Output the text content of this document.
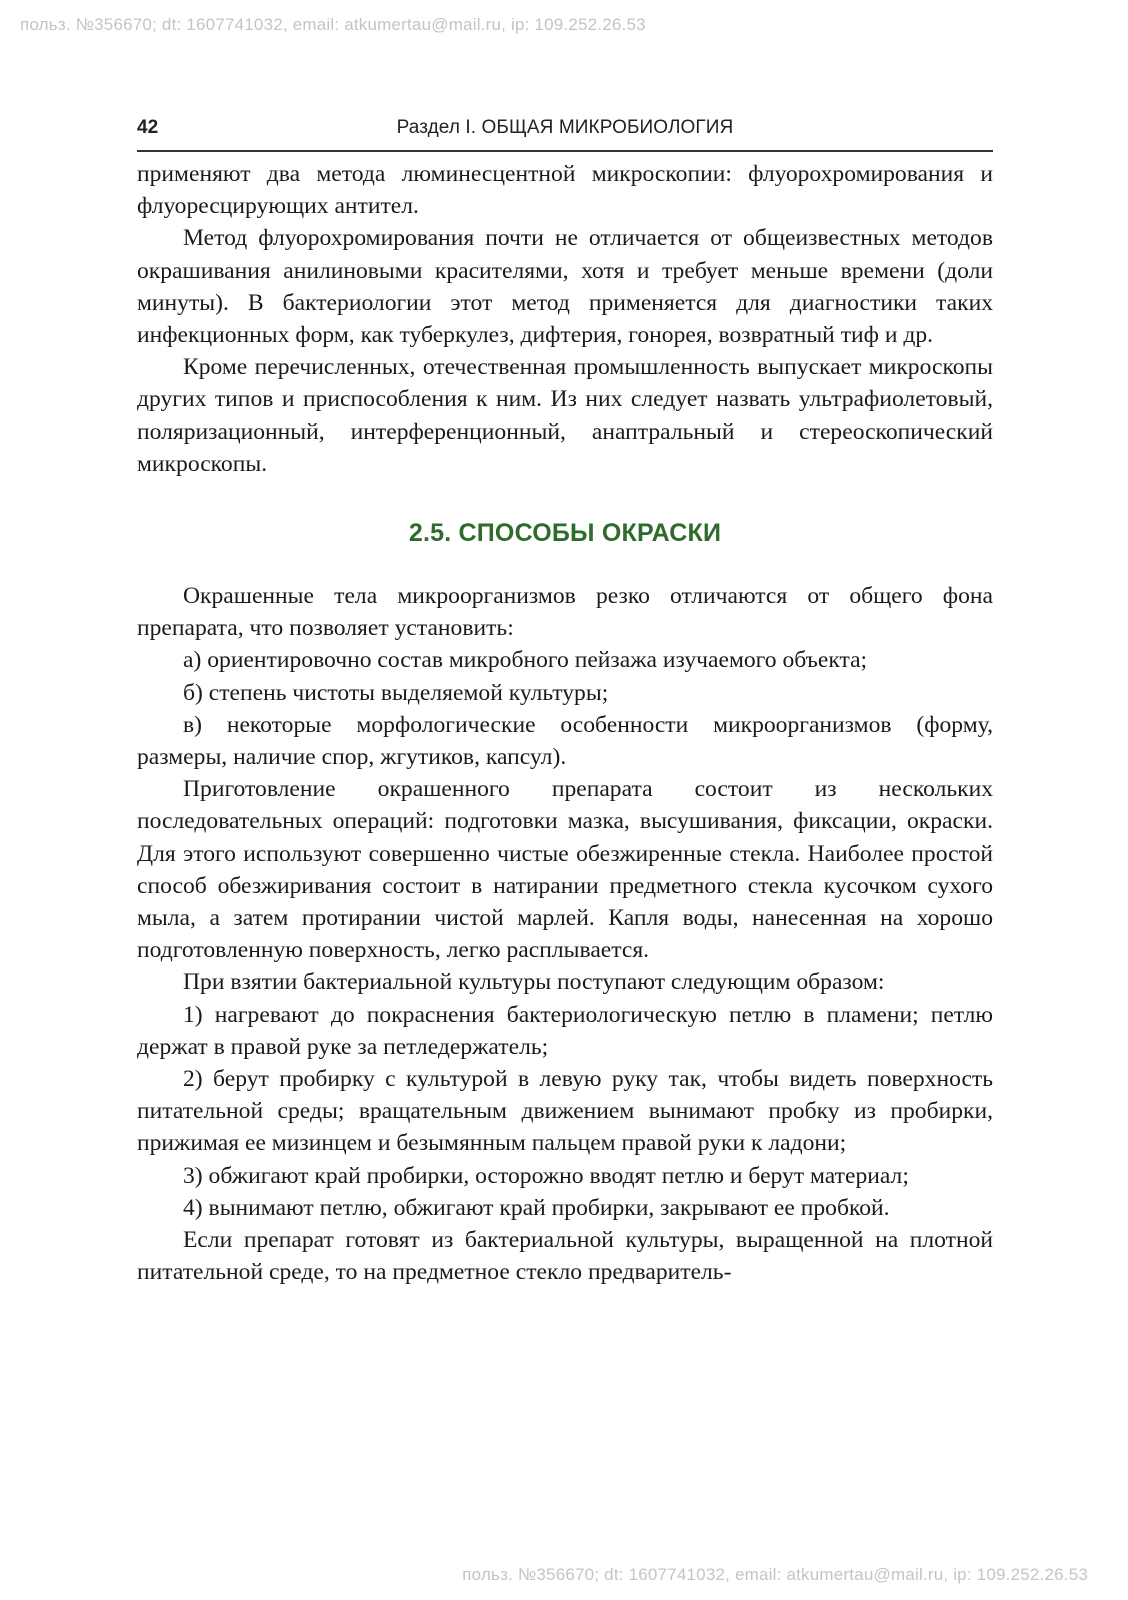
польз. №356670; dt: 1607741032, email: atkumertau@mail.ru, ip: 109.252.26.53
42	Раздел I. ОБЩАЯ МИКРОБИОЛОГИЯ

применяют два метода люминесцентной микроскопии: флуорохромирования и флуоресцирующих антител.

Метод флуорохромирования почти не отличается от общеизвестных методов окрашивания анилиновыми красителями, хотя и требует меньше времени (доли минуты). В бактериологии этот метод применяется для диагностики таких инфекционных форм, как туберкулез, дифтерия, гонорея, возвратный тиф и др.

Кроме перечисленных, отечественная промышленность выпускает микроскопы других типов и приспособления к ним. Из них следует назвать ультрафиолетовый, поляризационный, интерференционный, анаптральный и стереоскопический микроскопы.

2.5. СПОСОБЫ ОКРАСКИ

Окрашенные тела микроорганизмов резко отличаются от общего фона препарата, что позволяет установить:

а) ориентировочно состав микробного пейзажа изучаемого объекта;

б) степень чистоты выделяемой культуры;

в) некоторые морфологические особенности микроорганизмов (форму, размеры, наличие спор, жгутиков, капсул).

Приготовление окрашенного препарата состоит из нескольких последовательных операций: подготовки мазка, высушивания, фиксации, окраски. Для этого используют совершенно чистые обезжиренные стекла. Наиболее простой способ обезжиривания состоит в натирании предметного стекла кусочком сухого мыла, а затем протирании чистой марлей. Капля воды, нанесенная на хорошо подготовленную поверхность, легко расплывается.

При взятии бактериальной культуры поступают следующим образом:

1) нагревают до покраснения бактериологическую петлю в пламени; петлю держат в правой руке за петледержатель;

2) берут пробирку с культурой в левую руку так, чтобы видеть поверхность питательной среды; вращательным движением вынимают пробку из пробирки, прижимая ее мизинцем и безымянным пальцем правой руки к ладони;

3) обжигают край пробирки, осторожно вводят петлю и берут материал;

4) вынимают петлю, обжигают край пробирки, закрывают ее пробкой.

Если препарат готовят из бактериальной культуры, выращенной на плотной питательной среде, то на предметное стекло предваритель-

польз. №356670; dt: 1607741032, email: atkumertau@mail.ru, ip: 109.252.26.53
